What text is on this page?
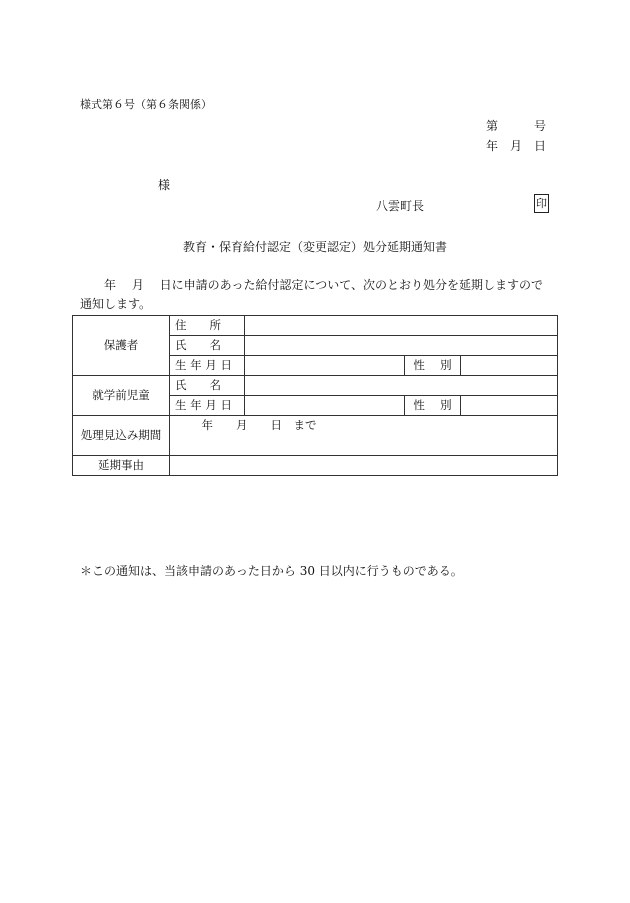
様式第６号（第６条関係）
第　　　号
年　月　日
様
八雲町長	印
教育・保育給付認定（変更認定）処分延期通知書
　　年　 月　 日に申請のあった給付認定について、次のとおり処分を延期しますので通知します。
保護者	住　　所			
	氏　　名			
	生 年 月 日		性　 別	
就学前児童	氏　　名			
	生 年 月 日		性　 別	

処理見込み期間	　年　　月　　日　まで			
延期事由				
＊この通知は、当該申請のあった日から 30 日以内に行うものである。
